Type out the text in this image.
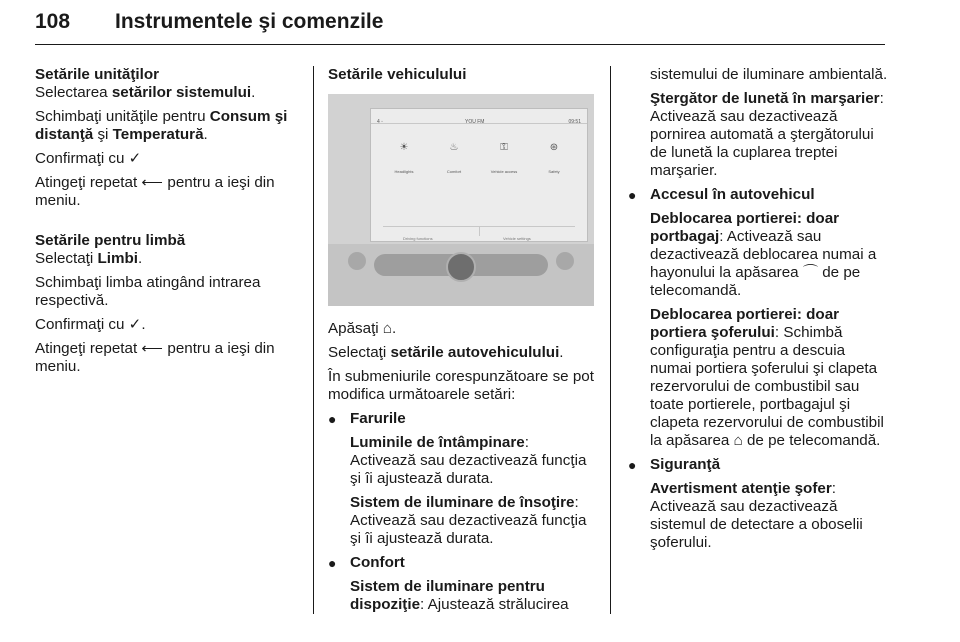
108 Instrumentele şi comenzile
Setările unităţilor

Selectarea setărilor sistemului.

Schimbaţi unităţile pentru Consum şi distanţă şi Temperatură.

Confirmaţi cu ✓

Atingeţi repetat ⟵ pentru a ieşi din meniu.

Setările pentru limbă

Selectaţi Limbi.

Schimbaţi limba atingând intrarea respectivă.

Confirmaţi cu ✓.

Atingeţi repetat ⟵ pentru a ieşi din meniu.

Setările vehiculului
4 ◦	YOU FM	09:51
☀
Headlights
♨
Comfort
⚿
Vehicle access
⊛
Safety
Driving functions	Vehicle settings

Apăsaţi ⌂.

Selectaţi setările autovehiculului.

În submeniurile corespunzătoare se pot modifica următoarele setări:

● Farurile

Luminile de întâmpinare: Activează sau dezactivează funcţia şi îi ajustează durata.

Sistem de iluminare de însoţire: Activează sau dezactivează funcţia şi îi ajustează durata.

● Confort

Sistem de iluminare pentru dispoziţie: Ajustează strălucirea

sistemului de iluminare ambientală.

Ştergător de lunetă în marşarier: Activează sau dezactivează pornirea automată a ştergătorului de lunetă la cuplarea treptei marşarier.

● Accesul în autovehicul

Deblocarea portierei: doar portbagaj: Activează sau dezactivează deblocarea numai a hayonului la apăsarea ⌒ de pe telecomandă.

Deblocarea portierei: doar portiera şoferului: Schimbă configuraţia pentru a descuia numai portiera şoferului şi clapeta rezervorului de combustibil sau toate portierele, portbagajul şi clapeta rezervorului de combustibil la apăsarea ⌂ de pe telecomandă.

● Siguranţă

Avertisment atenţie şofer: Activează sau dezactivează sistemul de detectare a oboselii şoferului.
